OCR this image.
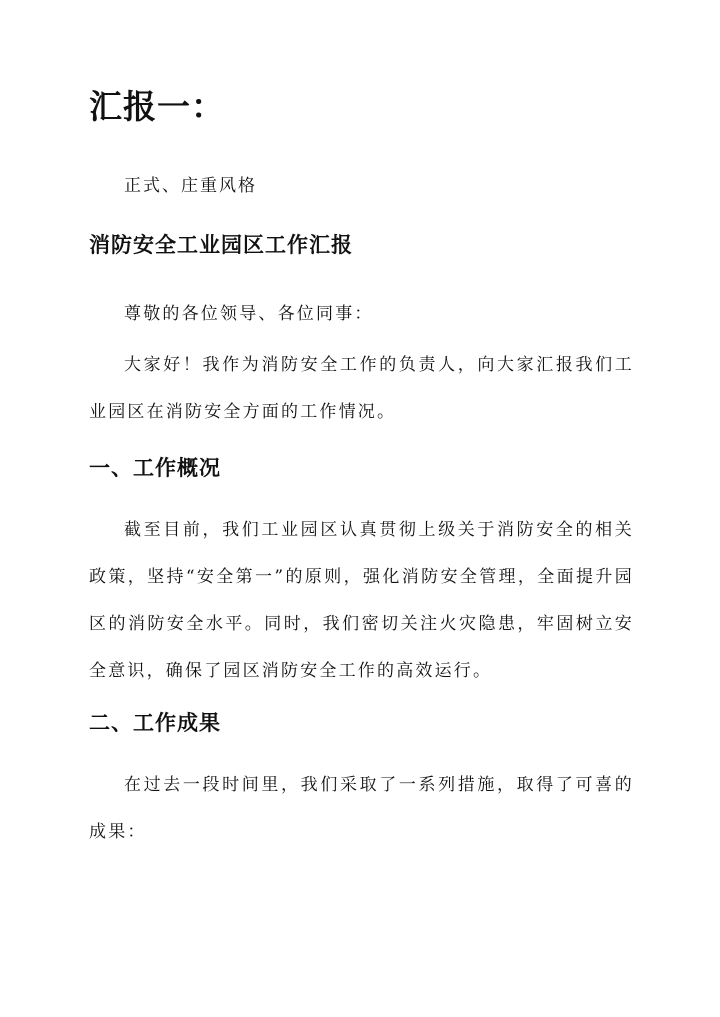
汇报一：

正式、庄重风格

消防安全工业园区工作汇报

尊敬的各位领导、各位同事：

大家好！我作为消防安全工作的负责人，向大家汇报我们工业园区在消防安全方面的工作情况。

一、工作概况

截至目前，我们工业园区认真贯彻上级关于消防安全的相关政策，坚持“安全第一”的原则，强化消防安全管理，全面提升园区的消防安全水平。同时，我们密切关注火灾隐患，牢固树立安全意识，确保了园区消防安全工作的高效运行。

二、工作成果

在过去一段时间里，我们采取了一系列措施，取得了可喜的成果：
